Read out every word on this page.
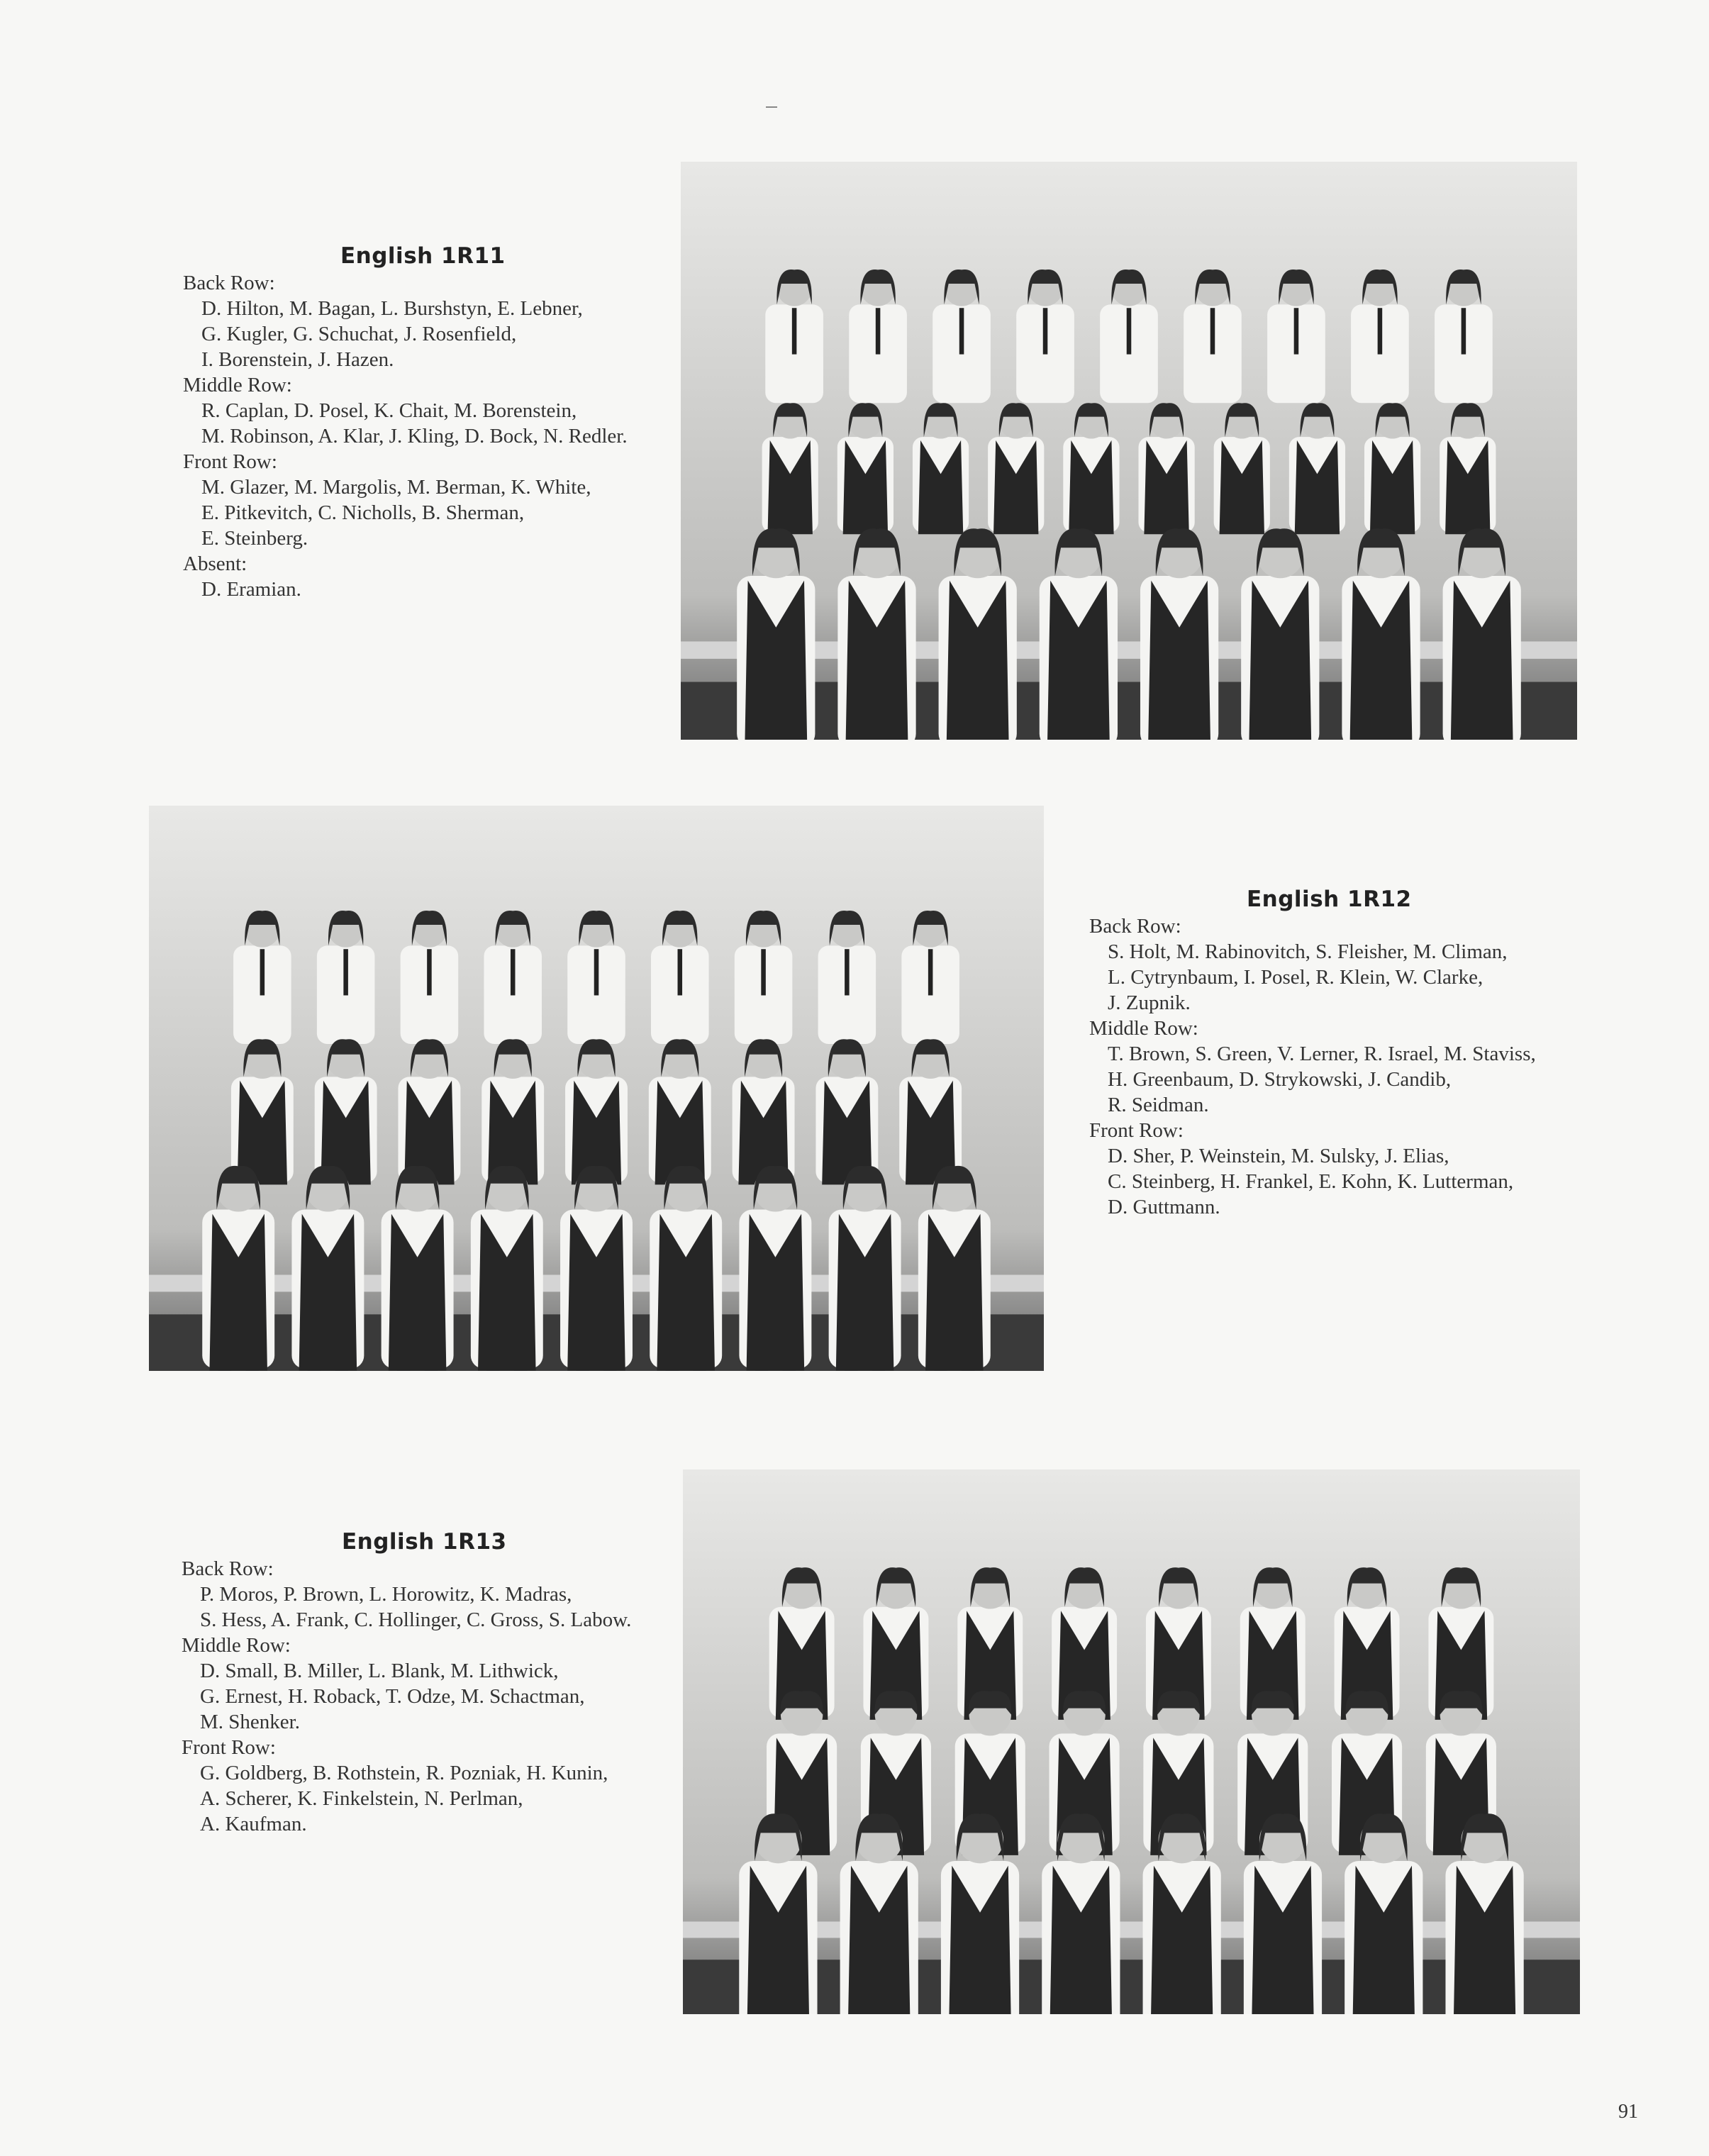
English 1R11
Back Row:
D. Hilton, M. Bagan, L. Burshstyn, E. Lebner,
G. Kugler, G. Schuchat, J. Rosenfield,
I. Borenstein, J. Hazen.
Middle Row:
R. Caplan, D. Posel, K. Chait, M. Borenstein,
M. Robinson, A. Klar, J. Kling, D. Bock, N. Redler.
Front Row:
M. Glazer, M. Margolis, M. Berman, K. White,
E. Pitkevitch, C. Nicholls, B. Sherman,
E. Steinberg.
Absent:
D. Eramian.
English 1R12
Back Row:
S. Holt, M. Rabinovitch, S. Fleisher, M. Climan,
L. Cytrynbaum, I. Posel, R. Klein, W. Clarke,
J. Zupnik.
Middle Row:
T. Brown, S. Green, V. Lerner, R. Israel, M. Staviss,
H. Greenbaum, D. Strykowski, J. Candib,
R. Seidman.
Front Row:
D. Sher, P. Weinstein, M. Sulsky, J. Elias,
C. Steinberg, H. Frankel, E. Kohn, K. Lutterman,
D. Guttmann.
English 1R13
Back Row:
P. Moros, P. Brown, L. Horowitz, K. Madras,
S. Hess, A. Frank, C. Hollinger, C. Gross, S. Labow.
Middle Row:
D. Small, B. Miller, L. Blank, M. Lithwick,
G. Ernest, H. Roback, T. Odze, M. Schactman,
M. Shenker.
Front Row:
G. Goldberg, B. Rothstein, R. Pozniak, H. Kunin,
A. Scherer, K. Finkelstein, N. Perlman,
A. Kaufman.
91
